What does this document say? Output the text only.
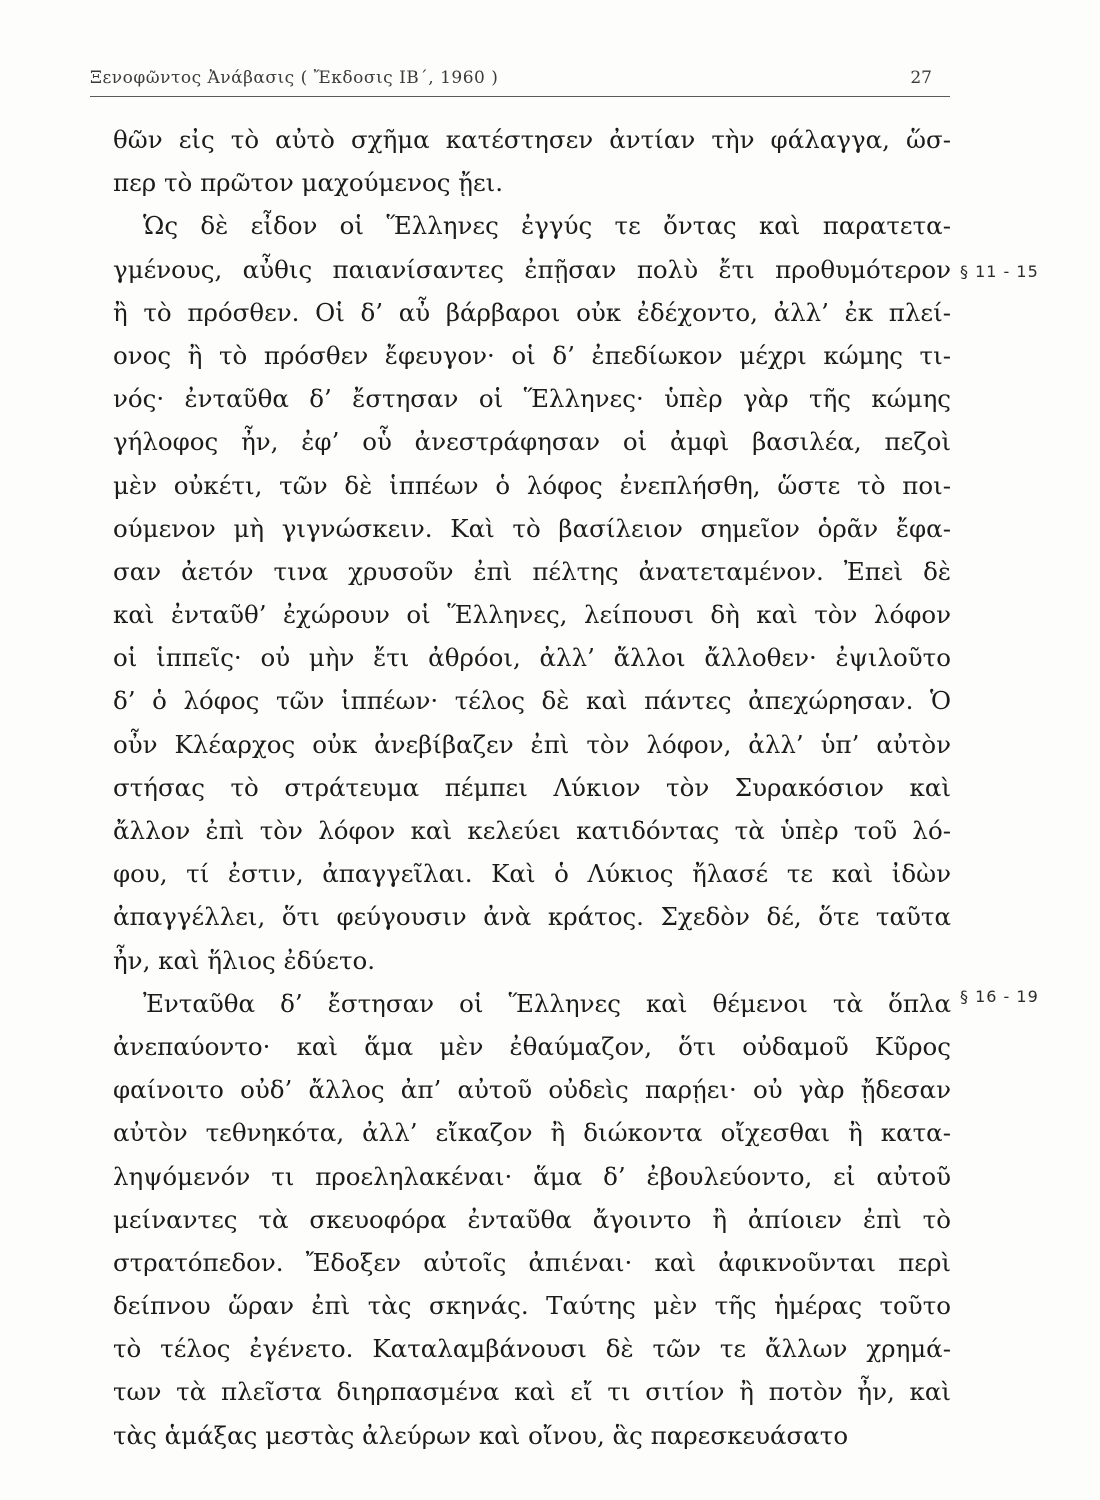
Ξενοφῶντος Ἀνάβασις ( Ἔκδοσις ΙΒ΄, 1960 )	27
θῶν εἰς τὸ αὐτὸ σχῆμα κατέστησεν ἀντίαν τὴν φάλαγγα, ὥσ-
περ τὸ πρῶτον μαχούμενος ᾔει.
Ὡς δὲ εἶδον οἱ Ἕλληνες ἐγγύς τε ὄντας καὶ παρατετα-
γμένους, αὖθις παιανίσαντες ἐπῇσαν πολὺ ἔτι προθυμότερον
ἢ τὸ πρόσθεν. Οἱ δ’ αὖ βάρβαροι οὐκ ἐδέχοντο, ἀλλ’ ἐκ πλεί-
ονος ἢ τὸ πρόσθεν ἔφευγον· οἱ δ’ ἐπεδίωκον μέχρι κώμης τι-
νός· ἐνταῦθα δ’ ἔστησαν οἱ Ἕλληνες· ὑπὲρ γὰρ τῆς κώμης
γήλοφος ἦν, ἐφ’ οὗ ἀνεστράφησαν οἱ ἀμφὶ βασιλέα, πεζοὶ
μὲν οὐκέτι, τῶν δὲ ἱππέων ὁ λόφος ἐνεπλήσθη, ὥστε τὸ ποι-
ούμενον μὴ γιγνώσκειν. Καὶ τὸ βασίλειον σημεῖον ὁρᾶν ἔφα-
σαν ἀετόν τινα χρυσοῦν ἐπὶ πέλτης ἀνατεταμένον. Ἐπεὶ δὲ
καὶ ἐνταῦθ’ ἐχώρουν οἱ Ἕλληνες, λείπουσι δὴ καὶ τὸν λόφον
οἱ ἱππεῖς· οὐ μὴν ἔτι ἀθρόοι, ἀλλ’ ἄλλοι ἄλλοθεν· ἐψιλοῦτο
δ’ ὁ λόφος τῶν ἱππέων· τέλος δὲ καὶ πάντες ἀπεχώρησαν. Ὁ
οὖν Κλέαρχος οὐκ ἀνεβίβαζεν ἐπὶ τὸν λόφον, ἀλλ’ ὑπ’ αὐτὸν
στήσας τὸ στράτευμα πέμπει Λύκιον τὸν Συρακόσιον καὶ
ἄλλον ἐπὶ τὸν λόφον καὶ κελεύει κατιδόντας τὰ ὑπὲρ τοῦ λό-
φου, τί ἐστιν, ἀπαγγεῖλαι. Καὶ ὁ Λύκιος ἤλασέ τε καὶ ἰδὼν
ἀπαγγέλλει, ὅτι φεύγουσιν ἀνὰ κράτος. Σχεδὸν δέ, ὅτε ταῦτα
ἦν, καὶ ἥλιος ἐδύετο.
Ἐνταῦθα δ’ ἔστησαν οἱ Ἕλληνες καὶ θέμενοι τὰ ὅπλα
ἀνεπαύοντο· καὶ ἅμα μὲν ἐθαύμαζον, ὅτι οὐδαμοῦ Κῦρος
φαίνοιτο οὐδ’ ἄλλος ἀπ’ αὐτοῦ οὐδεὶς παρῄει· οὐ γὰρ ᾔδεσαν
αὐτὸν τεθνηκότα, ἀλλ’ εἴκαζον ἢ διώκοντα οἴχεσθαι ἢ κατα-
ληψόμενόν τι προεληλακέναι· ἅμα δ’ ἐβουλεύοντο, εἰ αὐτοῦ
μείναντες τὰ σκευοφόρα ἐνταῦθα ἄγοιντο ἢ ἀπίοιεν ἐπὶ τὸ
στρατόπεδον. Ἔδοξεν αὐτοῖς ἀπιέναι· καὶ ἀφικνοῦνται περὶ
δείπνου ὥραν ἐπὶ τὰς σκηνάς. Ταύτης μὲν τῆς ἡμέρας τοῦτο
τὸ τέλος ἐγένετο. Καταλαμβάνουσι δὲ τῶν τε ἄλλων χρημά-
των τὰ πλεῖστα διηρπασμένα καὶ εἴ τι σιτίον ἢ ποτὸν ἦν, καὶ
τὰς ἁμάξας μεστὰς ἀλεύρων καὶ οἴνου, ἃς παρεσκευάσατο
§ 11 - 15
§ 16 - 19
